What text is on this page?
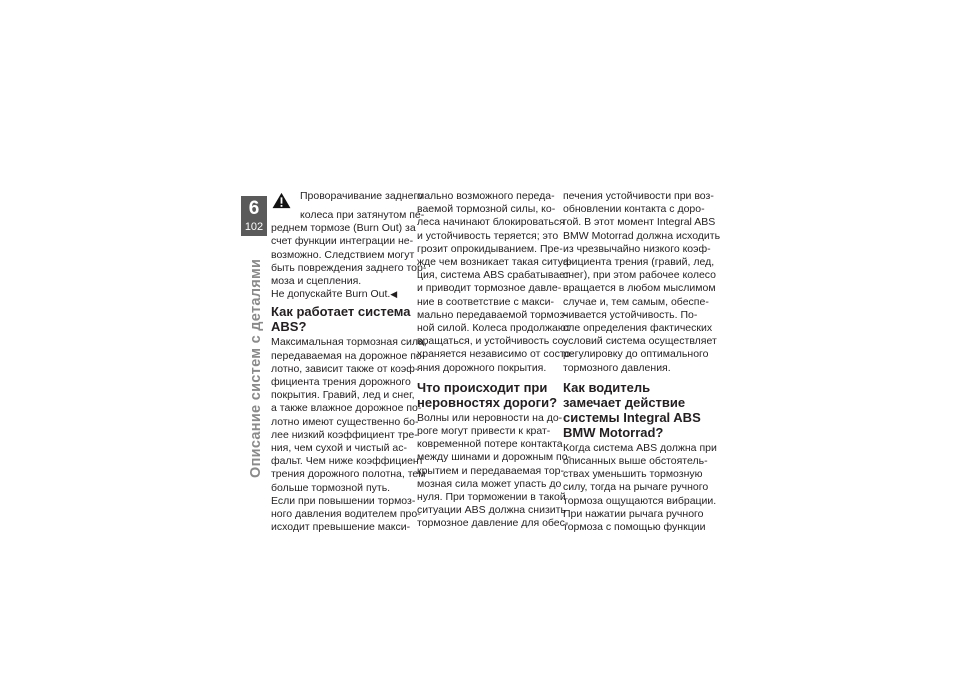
6
102
Описание систем с деталями

Проворачивание заднего

колеса при затянутом пе-

реднем тормозе (Burn Out) за

счет функции интеграции не-

возможно. Следствием могут

быть повреждения заднего тор-

моза и сцепления.

Не допускайте Burn Out.◀

Как работает система
ABS?

Максимальная тормозная сила,

передаваемая на дорожное по-

лотно, зависит также от коэф-

фициента трения дорожного

покрытия. Гравий, лед и снег,

а также влажное дорожное по-

лотно имеют существенно бо-

лее низкий коэффициент тре-

ния, чем сухой и чистый ас-

фальт. Чем ниже коэффициент

трения дорожного полотна, тем

больше тормозной путь.

Если при повышении тормоз-

ного давления водителем про-

исходит превышение макси-

мально возможного переда-

ваемой тормозной силы, ко-

леса начинают блокироваться

и устойчивость теряется; это

грозит опрокидыванием. Пре-

жде чем возникает такая ситуа-

ция, система ABS срабатывает

и приводит тормозное давле-

ние в соответствие с макси-

мально передаваемой тормоз-

ной силой. Колеса продолжают

вращаться, и устойчивость со-

храняется независимо от состо-

яния дорожного покрытия.

Что происходит при
неровностях дороги?

Волны или неровности на до-

роге могут привести к крат-

ковременной потере контакта

между шинами и дорожным по-

крытием и передаваемая тор-

мозная сила может упасть до

нуля. При торможении в такой

ситуации ABS должна снизить

тормозное давление для обес-

печения устойчивости при воз-

обновлении контакта с доро-

гой. В этот момент Integral ABS

BMW Motorrad должна исходить

из чрезвычайно низкого коэф-

фициента трения (гравий, лед,

снег), при этом рабочее колесо

вращается в любом мыслимом

случае и, тем самым, обеспе-

чивается устойчивость. По-

сле определения фактических

условий система осуществляет

регулировку до оптимального

тормозного давления.

Как водитель
замечает действие
системы Integral ABS
BMW Motorrad?

Когда система ABS должна при

описанных выше обстоятель-

ствах уменьшить тормозную

силу, тогда на рычаге ручного

тормоза ощущаются вибрации.

При нажатии рычага ручного

тормоза с помощью функции
